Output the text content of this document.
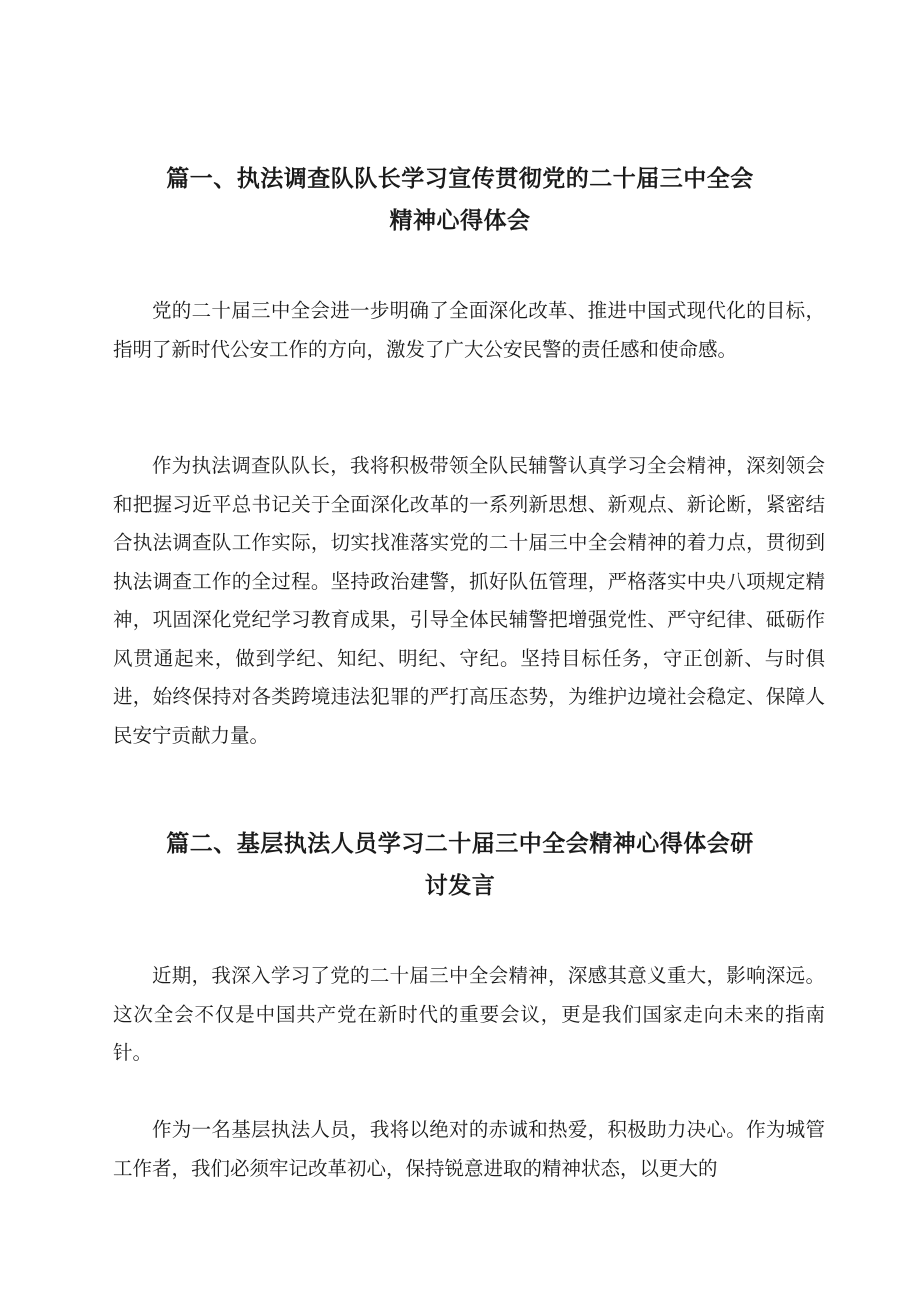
篇一、执法调查队队长学习宣传贯彻党的二十届三中全会
精神心得体会

党的二十届三中全会进一步明确了全面深化改革、推进中国式现代化的目标，指明了新时代公安工作的方向，激发了广大公安民警的责任感和使命感。

作为执法调查队队长，我将积极带领全队民辅警认真学习全会精神，深刻领会和把握习近平总书记关于全面深化改革的一系列新思想、新观点、新论断，紧密结合执法调查队工作实际，切实找准落实党的二十届三中全会精神的着力点，贯彻到执法调查工作的全过程。坚持政治建警，抓好队伍管理，严格落实中央八项规定精神，巩固深化党纪学习教育成果，引导全体民辅警把增强党性、严守纪律、砥砺作风贯通起来，做到学纪、知纪、明纪、守纪。坚持目标任务，守正创新、与时俱进，始终保持对各类跨境违法犯罪的严打高压态势，为维护边境社会稳定、保障人民安宁贡献力量。

篇二、基层执法人员学习二十届三中全会精神心得体会研
讨发言

近期，我深入学习了党的二十届三中全会精神，深感其意义重大，影响深远。这次全会不仅是中国共产党在新时代的重要会议，更是我们国家走向未来的指南针。

作为一名基层执法人员，我将以绝对的赤诚和热爱，积极助力决心。作为城管工作者，我们必须牢记改革初心，保持锐意进取的精神状态，以更大的
